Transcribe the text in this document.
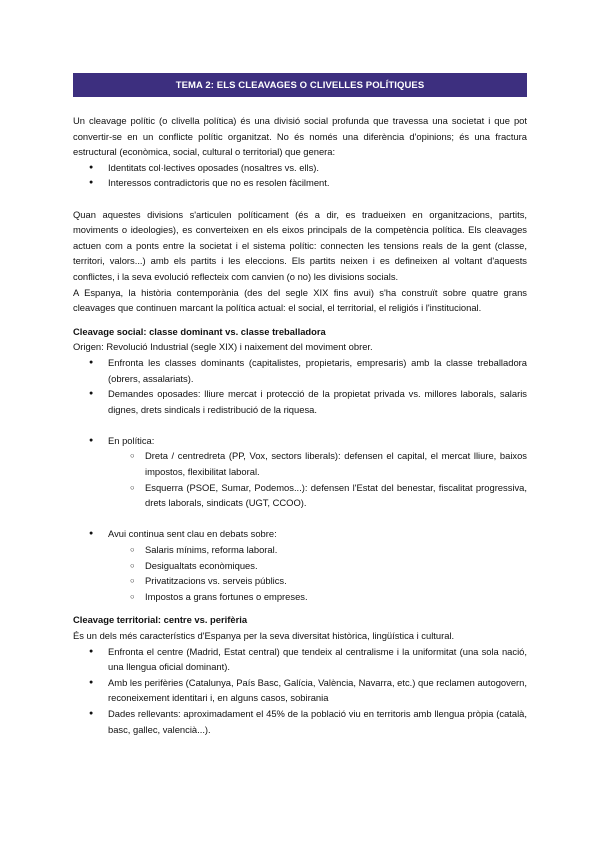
TEMA 2: ELS CLEAVAGES O CLIVELLES POLÍTIQUES

Un cleavage polític (o clivella política) és una divisió social profunda que travessa una societat i que pot convertir-se en un conflicte polític organitzat. No és només una diferència d'opinions; és una fractura estructural (econòmica, social, cultural o territorial) que genera:

● Identitats col·lectives oposades (nosaltres vs. ells).
● Interessos contradictoris que no es resolen fàcilment.

Quan aquestes divisions s'articulen políticament (és a dir, es tradueixen en organitzacions, partits, moviments o ideologies), es converteixen en els eixos principals de la competència política. Els cleavages actuen com a ponts entre la societat i el sistema polític: connecten les tensions reals de la gent (classe, territori, valors...) amb els partits i les eleccions. Els partits neixen i es defineixen al voltant d'aquests conflictes, i la seva evolució reflecteix com canvien (o no) les divisions socials.

A Espanya, la història contemporània (des del segle XIX fins avui) s'ha construït sobre quatre grans cleavages que continuen marcant la política actual: el social, el territorial, el religiós i l'institucional.

Cleavage social: classe dominant vs. classe treballadora

Origen: Revolució Industrial (segle XIX) i naixement del moviment obrer.

● Enfronta les classes dominants (capitalistes, propietaris, empresaris) amb la classe treballadora (obrers, assalariats).
● Demandes oposades: lliure mercat i protecció de la propietat privada vs. millores laborals, salaris dignes, drets sindicals i redistribució de la riquesa.
● En política:
○ Dreta / centredreta (PP, Vox, sectors liberals): defensen el capital, el mercat lliure, baixos impostos, flexibilitat laboral.
○ Esquerra (PSOE, Sumar, Podemos...): defensen l'Estat del benestar, fiscalitat progressiva, drets laborals, sindicats (UGT, CCOO).
● Avui continua sent clau en debats sobre:
○ Salaris mínims, reforma laboral.
○ Desigualtats econòmiques.
○ Privatitzacions vs. serveis públics.
○ Impostos a grans fortunes o empreses.

Cleavage territorial: centre vs. perifèria

És un dels més característics d'Espanya per la seva diversitat històrica, lingüística i cultural.

● Enfronta el centre (Madrid, Estat central) que tendeix al centralisme i la uniformitat (una sola nació, una llengua oficial dominant).
● Amb les perifèries (Catalunya, País Basc, Galícia, València, Navarra, etc.) que reclamen autogovern, reconeixement identitari i, en alguns casos, sobirania
● Dades rellevants: aproximadament el 45% de la població viu en territoris amb llengua pròpia (català, basc, gallec, valencià...).
